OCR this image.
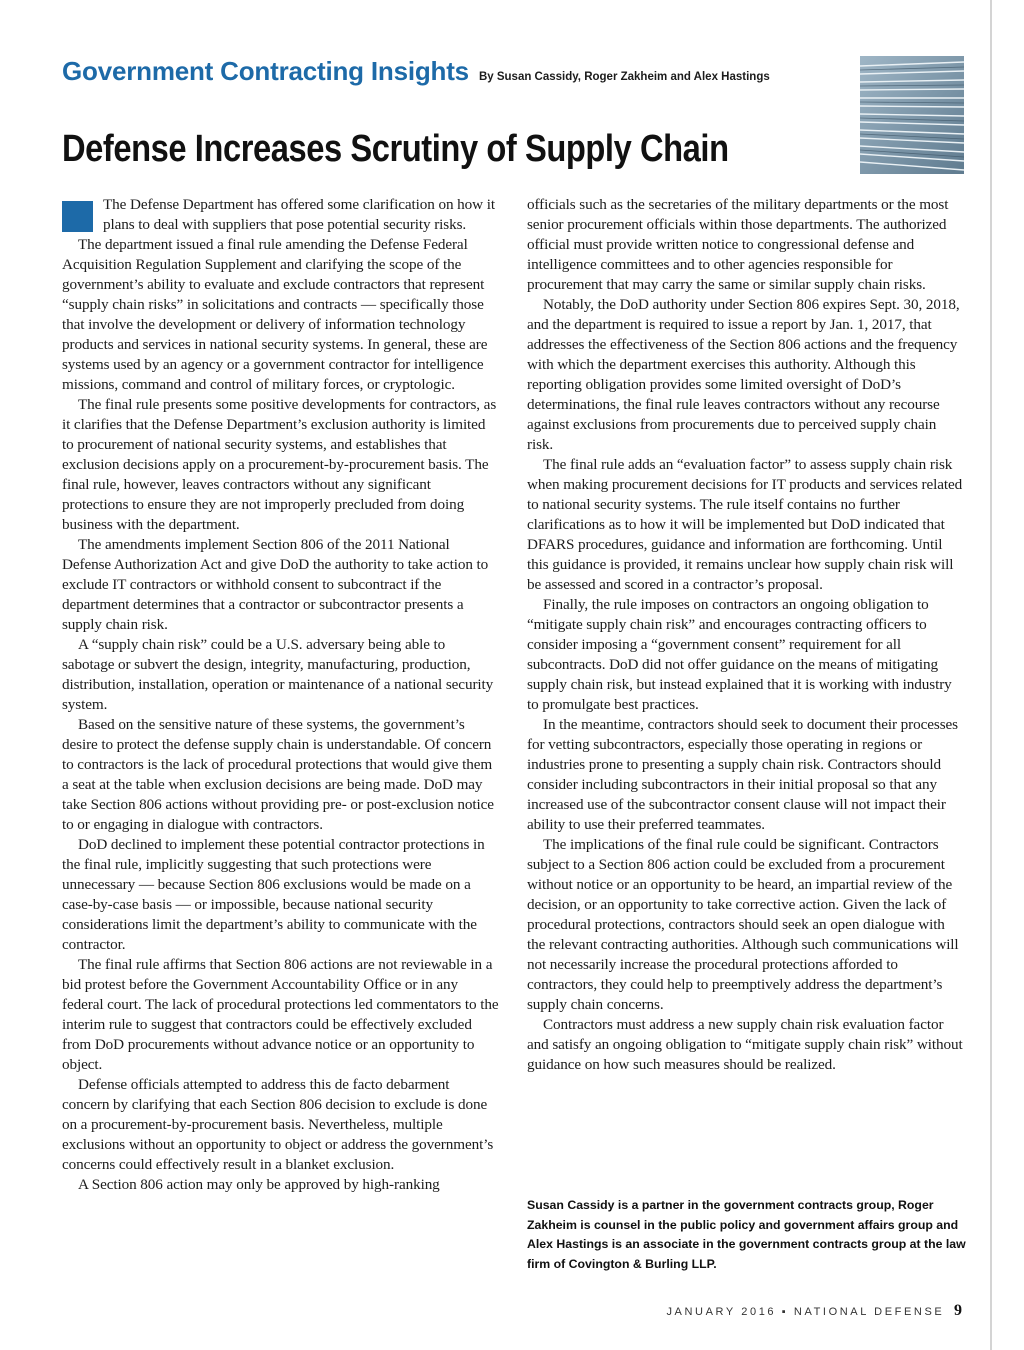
Government Contracting Insights By Susan Cassidy, Roger Zakheim and Alex Hastings
Defense Increases Scrutiny of Supply Chain

The Defense Department has offered some clarification on how it plans to deal with suppliers that pose potential security risks.

The department issued a final rule amending the Defense Federal Acquisition Regulation Supplement and clarifying the scope of the government’s ability to evaluate and exclude contractors that represent “supply chain risks” in solicitations and contracts — specifically those that involve the development or delivery of information technology products and services in national security systems. In general, these are systems used by an agency or a government contractor for intelligence missions, command and control of military forces, or cryptologic.

The final rule presents some positive developments for contractors, as it clarifies that the Defense Department’s exclusion authority is limited to procurement of national security systems, and establishes that exclusion decisions apply on a procurement-by-procurement basis. The final rule, however, leaves contractors without any significant protections to ensure they are not improperly precluded from doing business with the department.

The amendments implement Section 806 of the 2011 National Defense Authorization Act and give DoD the authority to take action to exclude IT contractors or withhold consent to subcontract if the department determines that a contractor or subcontractor presents a supply chain risk.

A “supply chain risk” could be a U.S. adversary being able to sabotage or subvert the design, integrity, manufacturing, production, distribution, installation, operation or maintenance of a national security system.

Based on the sensitive nature of these systems, the government’s desire to protect the defense supply chain is understandable. Of concern to contractors is the lack of procedural protections that would give them a seat at the table when exclusion decisions are being made. DoD may take Section 806 actions without providing pre- or post-exclusion notice to or engaging in dialogue with contractors.

DoD declined to implement these potential contractor protections in the final rule, implicitly suggesting that such protections were unnecessary — because Section 806 exclusions would be made on a case-by-case basis — or impossible, because national security considerations limit the department’s ability to communicate with the contractor.

The final rule affirms that Section 806 actions are not reviewable in a bid protest before the Government Accountability Office or in any federal court. The lack of procedural protections led commentators to the interim rule to suggest that contractors could be effectively excluded from DoD procurements without advance notice or an opportunity to object.

Defense officials attempted to address this de facto debarment concern by clarifying that each Section 806 decision to exclude is done on a procurement-by-procurement basis. Nevertheless, multiple exclusions without an opportunity to object or address the government’s concerns could effectively result in a blanket exclusion.

A Section 806 action may only be approved by high-ranking

officials such as the secretaries of the military departments or the most senior procurement officials within those departments. The authorized official must provide written notice to congressional defense and intelligence committees and to other agencies responsible for procurement that may carry the same or similar supply chain risks.

Notably, the DoD authority under Section 806 expires Sept. 30, 2018, and the department is required to issue a report by Jan. 1, 2017, that addresses the effectiveness of the Section 806 actions and the frequency with which the department exercises this authority. Although this reporting obligation provides some limited oversight of DoD’s determinations, the final rule leaves contractors without any recourse against exclusions from procurements due to perceived supply chain risk.

The final rule adds an “evaluation factor” to assess supply chain risk when making procurement decisions for IT products and services related to national security systems. The rule itself contains no further clarifications as to how it will be implemented but DoD indicated that DFARS procedures, guidance and information are forthcoming. Until this guidance is provided, it remains unclear how supply chain risk will be assessed and scored in a contractor’s proposal.

Finally, the rule imposes on contractors an ongoing obligation to “mitigate supply chain risk” and encourages contracting officers to consider imposing a “government consent” requirement for all subcontracts. DoD did not offer guidance on the means of mitigating supply chain risk, but instead explained that it is working with industry to promulgate best practices.

In the meantime, contractors should seek to document their processes for vetting subcontractors, especially those operating in regions or industries prone to presenting a supply chain risk. Contractors should consider including subcontractors in their initial proposal so that any increased use of the subcontractor consent clause will not impact their ability to use their preferred teammates.

The implications of the final rule could be significant. Contractors subject to a Section 806 action could be excluded from a procurement without notice or an opportunity to be heard, an impartial review of the decision, or an opportunity to take corrective action. Given the lack of procedural protections, contractors should seek an open dialogue with the relevant contracting authorities. Although such communications will not necessarily increase the procedural protections afforded to contractors, they could help to preemptively address the department’s supply chain concerns.

Contractors must address a new supply chain risk evaluation factor and satisfy an ongoing obligation to “mitigate supply chain risk” without guidance on how such measures should be realized.

Susan Cassidy is a partner in the government contracts group, Roger Zakheim is counsel in the public policy and government affairs group and Alex Hastings is an associate in the government contracts group at the law firm of Covington & Burling LLP.
JANUARY 2016 ▪ NATIONAL DEFENSE 9
